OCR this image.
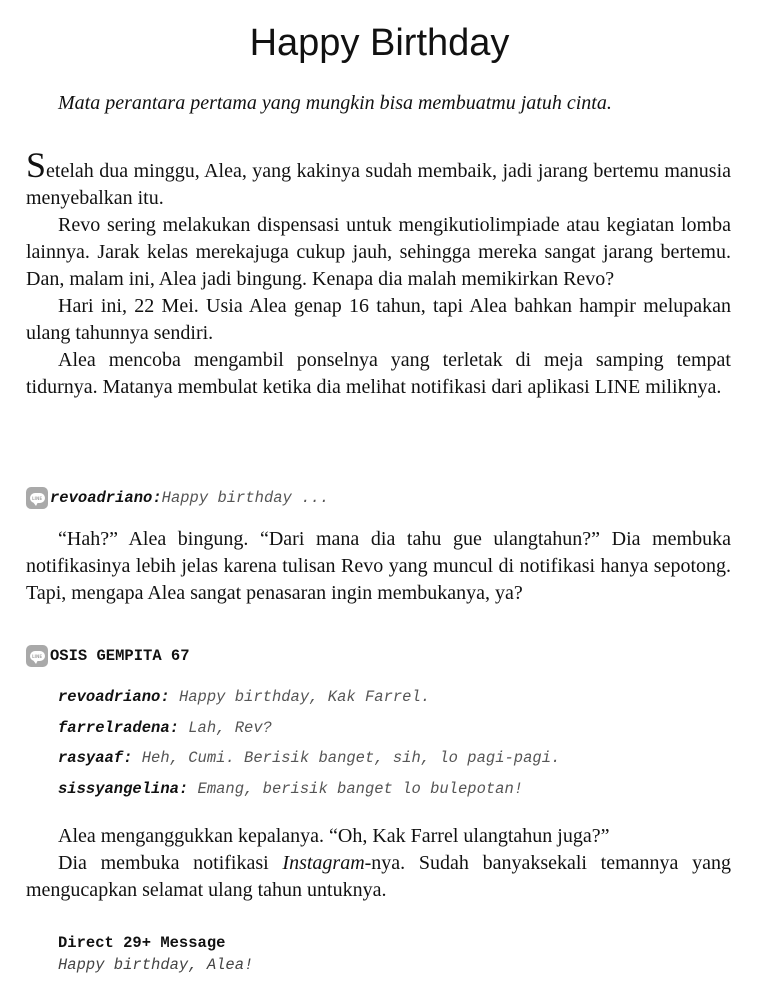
Happy Birthday
Mata perantara pertama yang mungkin bisa membuatmu jatuh cinta.

Setelah dua minggu, Alea, yang kakinya sudah membaik, jadi jarang bertemu manusia menyebalkan itu.

Revo sering melakukan dispensasi untuk mengikutiolimpiade atau kegiatan lomba lainnya. Jarak kelas merekajuga cukup jauh, sehingga mereka sangat jarang bertemu. Dan, malam ini, Alea jadi bingung. Kenapa dia malah memikirkan Revo?

Hari ini, 22 Mei. Usia Alea genap 16 tahun, tapi Alea bahkan hampir melupakan ulang tahunnya sendiri.

Alea mencoba mengambil ponselnya yang terletak di meja samping tempat tidurnya. Matanya membulat ketika dia melihat notifikasi dari aplikasi LINE miliknya.

LINE revoadriano : Happy birthday ...

“Hah?” Alea bingung. “Dari mana dia tahu gue ulangtahun?” Dia membuka notifikasinya lebih jelas karena tulisan Revo yang muncul di notifikasi hanya sepotong. Tapi, mengapa Alea sangat penasaran ingin membukanya, ya?

LINE OSIS GEMPITA 67
revoadriano: Happy birthday, Kak Farrel.
farrelradena: Lah, Rev?
rasyaaf: Heh, Cumi. Berisik banget, sih, lo pagi-pagi.
sissyangelina: Emang, berisik banget lo bulepotan!

Alea menganggukkan kepalanya. “Oh, Kak Farrel ulangtahun juga?”

Dia membuka notifikasi Instagram-nya. Sudah banyaksekali temannya yang mengucapkan selamat ulang tahun untuknya.

Direct 29+ Message
Happy birthday, Alea!
